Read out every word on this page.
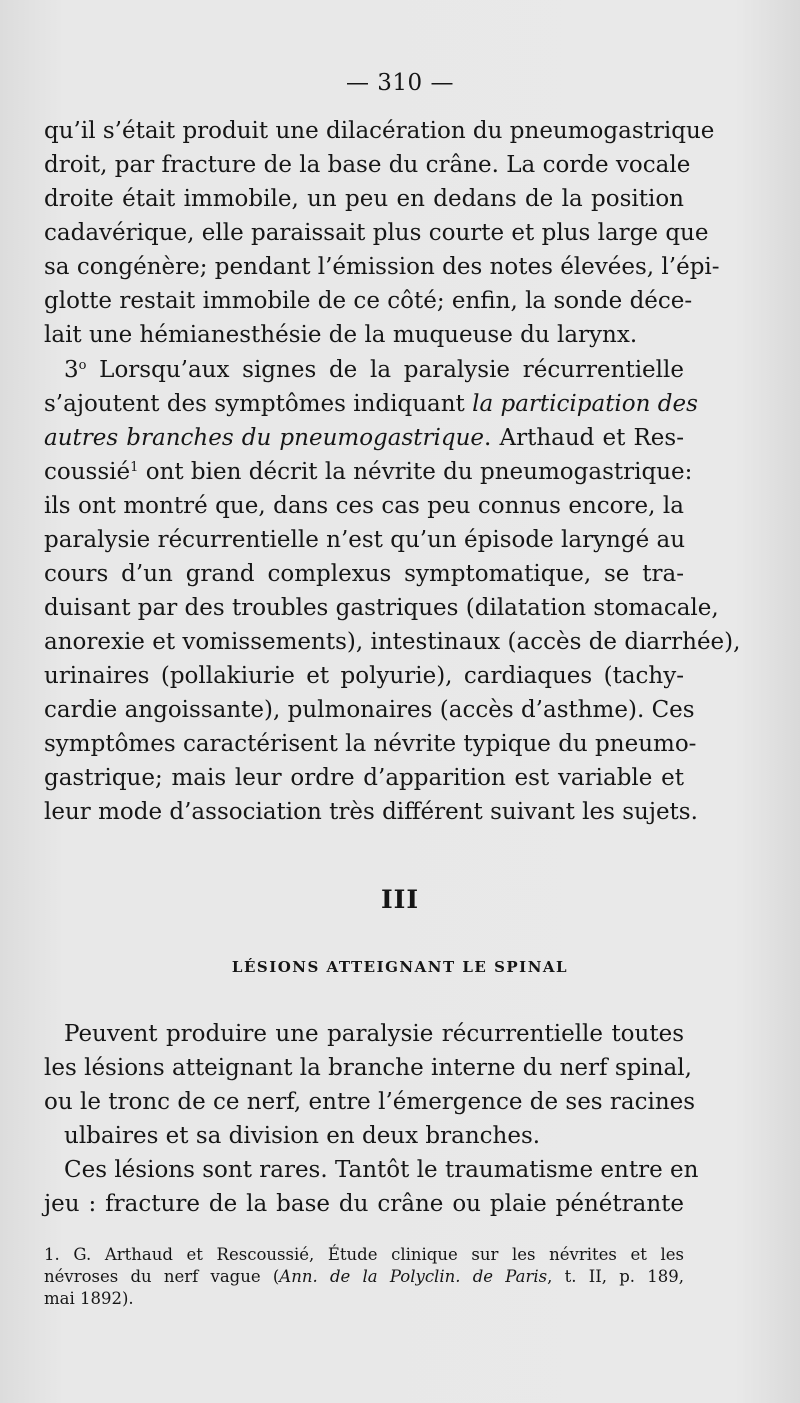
— 310 —
qu’il s’était produit une dilacération du pneumogastrique
droit, par fracture de la base du crâne. La corde vocale
droite était immobile, un peu en dedans de la position
cadavérique, elle paraissait plus courte et plus large que
sa congénère; pendant l’émission des notes élevées, l’épi-
glotte restait immobile de ce côté; enfin, la sonde déce-
lait une hémianesthésie de la muqueuse du larynx.
3$^o$ Lorsqu’aux signes de la paralysie récurrentielle
s’ajoutent des symptômes indiquant la participation des
autres branches du pneumogastrique. Arthaud et Res-
coussié$^1$ ont bien décrit la névrite du pneumogastrique:
ils ont montré que, dans ces cas peu connus encore, la
paralysie récurrentielle n’est qu’un épisode laryngé au
cours d’un grand complexus symptomatique, se tra-
duisant par des troubles gastriques (dilatation stomacale,
anorexie et vomissements), intestinaux (accès de diarrhée),
urinaires (pollakiurie et polyurie), cardiaques (tachy-
cardie angoissante), pulmonaires (accès d’asthme). Ces
symptômes caractérisent la névrite typique du pneumo-
gastrique; mais leur ordre d’apparition est variable et
leur mode d’association très différent suivant les sujets.
III
LÉSIONS ATTEIGNANT LE SPINAL
Peuvent produire une paralysie récurrentielle toutes
les lésions atteignant la branche interne du nerf spinal,
ou le tronc de ce nerf, entre l’émergence de ses racines
ulbaires et sa division en deux branches.
Ces lésions sont rares. Tantôt le traumatisme entre en
jeu : fracture de la base du crâne ou plaie pénétrante
1. G. Arthaud et Rescoussié, Étude clinique sur les névrites et les
névroses du nerf vague (Ann. de la Polyclin. de Paris, t. II, p. 189,
mai 1892).
